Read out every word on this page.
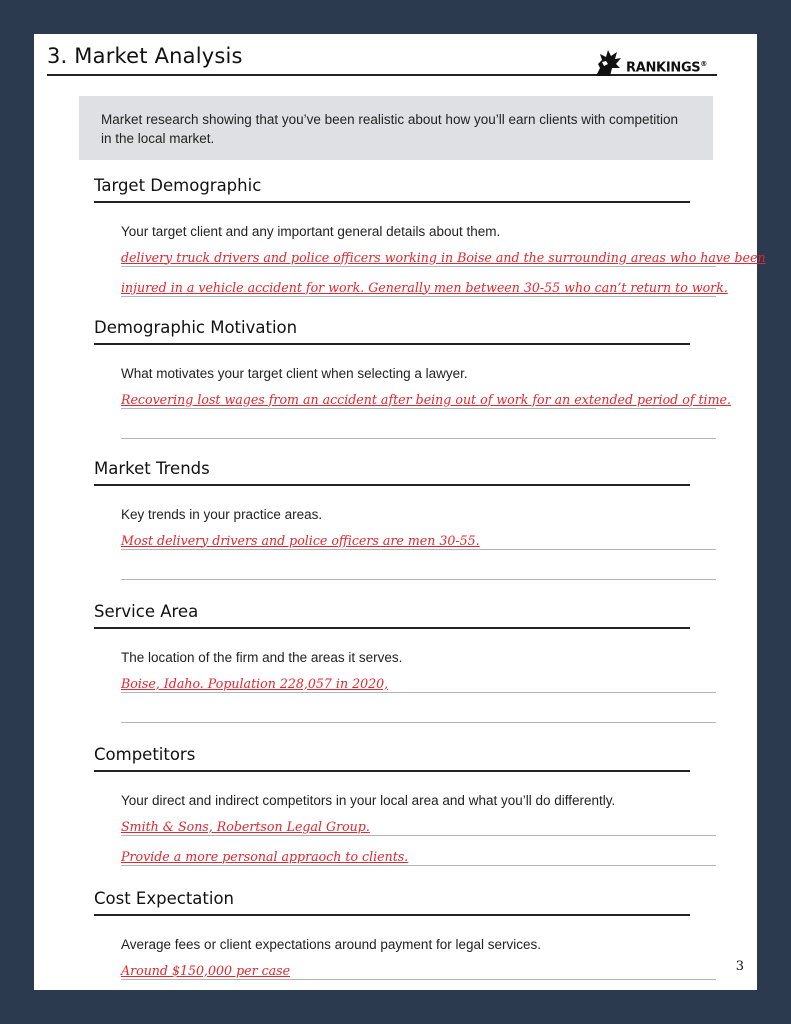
3. Market Analysis	RANKINGS®
Market research showing that you’ve been realistic about how you’ll earn clients with competition in the local market.
Target Demographic
Your target client and any important general details about them.
delivery truck drivers and police officers working in Boise and the surrounding areas who have been
injured in a vehicle accident for work. Generally men between 30-55 who can’t return to work.
Demographic Motivation
What motivates your target client when selecting a lawyer.
Recovering lost wages from an accident after being out of work for an extended period of time.
Market Trends
Key trends in your practice areas.
Most delivery drivers and police officers are men 30-55.
Service Area
The location of the firm and the areas it serves.
Boise, Idaho. Population 228,057 in 2020,
Competitors
Your direct and indirect competitors in your local area and what you’ll do differently.
Smith & Sons, Robertson Legal Group.
Provide a more personal appraoch to clients.
Cost Expectation
Average fees or client expectations around payment for legal services.
Around $150,000 per case	3
